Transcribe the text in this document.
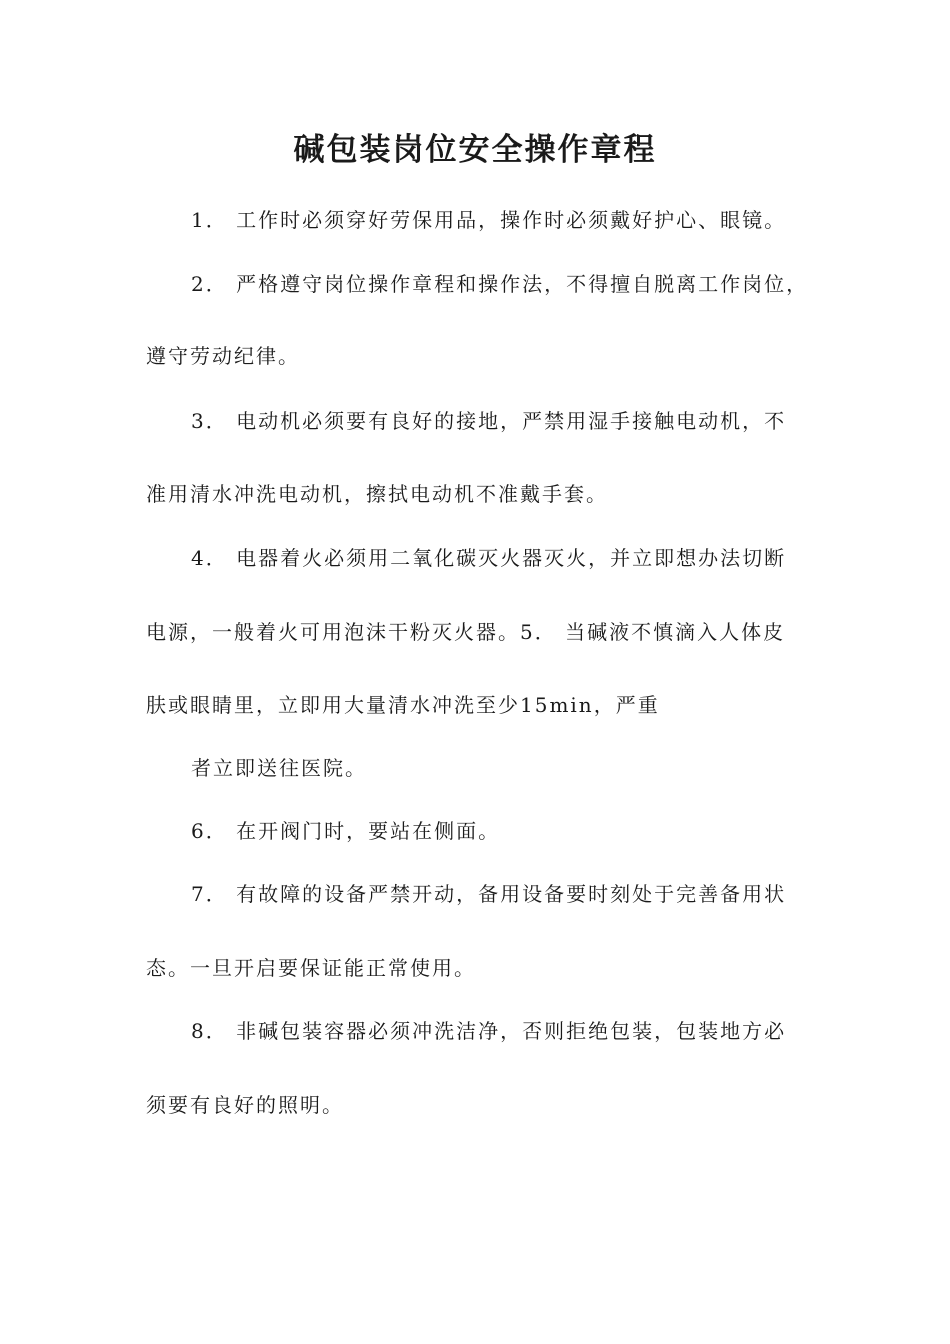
碱包装岗位安全操作章程
1． 工作时必须穿好劳保用品，操作时必须戴好护心、眼镜。
2． 严格遵守岗位操作章程和操作法，不得擅自脱离工作岗位，
遵守劳动纪律。
3． 电动机必须要有良好的接地，严禁用湿手接触电动机，不
准用清水冲洗电动机，擦拭电动机不准戴手套。
4． 电器着火必须用二氧化碳灭火器灭火，并立即想办法切断
电源，一般着火可用泡沫干粉灭火器。5． 当碱液不慎滴入人体皮
肤或眼睛里，立即用大量清水冲洗至少15min，严重
者立即送往医院。
6． 在开阀门时，要站在侧面。
7． 有故障的设备严禁开动，备用设备要时刻处于完善备用状
态。一旦开启要保证能正常使用。
8． 非碱包装容器必须冲洗洁净，否则拒绝包装，包装地方必
须要有良好的照明。
